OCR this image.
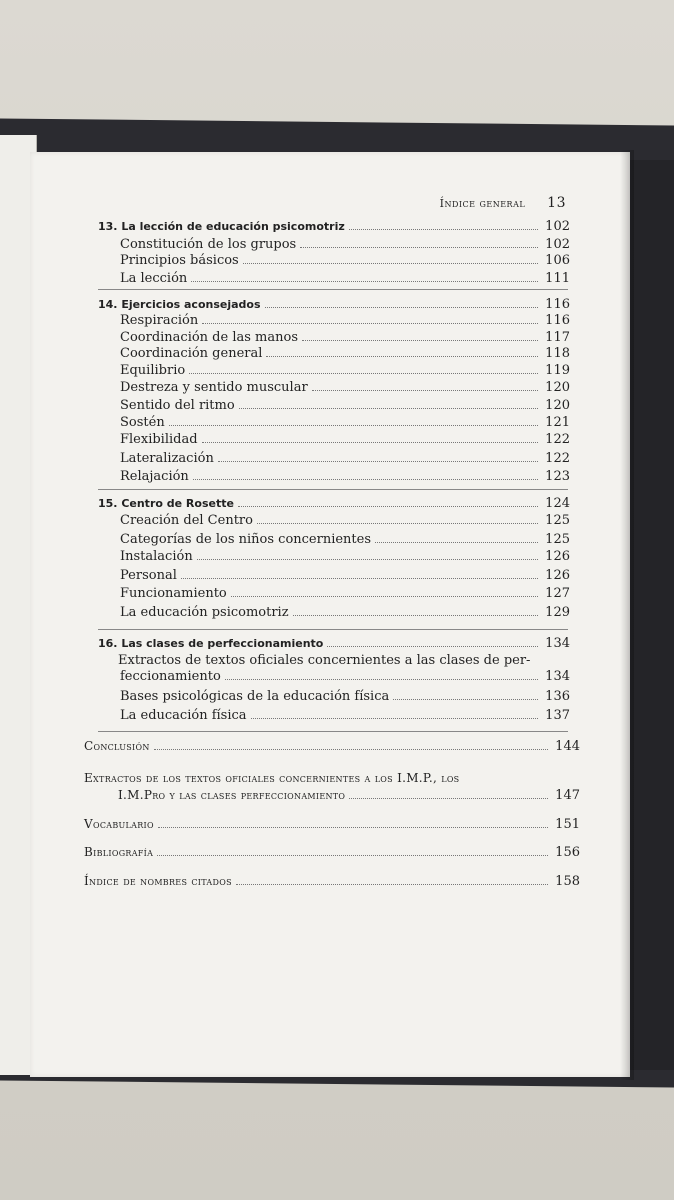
Índice general 13
13. La lección de educación psicomotriz	102
Constitución de los grupos	102
Principios básicos	106
La lección	111
14. Ejercicios aconsejados	116
Respiración	116
Coordinación de las manos	117
Coordinación general	118
Equilibrio	119
Destreza y sentido muscular	120
Sentido del ritmo	120
Sostén	121
Flexibilidad	122
Lateralización	122
Relajación	123
15. Centro de Rosette	124
Creación del Centro	125
Categorías de los niños concernientes	125
Instalación	126
Personal	126
Funcionamiento	127
La educación psicomotriz	129
16. Las clases de perfeccionamiento	134
Extractos de textos oficiales concernientes a las clases de per-
feccionamiento	134
Bases psicológicas de la educación física	136
La educación física	137
Conclusión	144
Extractos de los textos oficiales concernientes a los I.M.P., los
I.M.Pro y las clases perfeccionamiento	147
Vocabulario	151
Bibliografía	156
Índice de nombres citados	158
